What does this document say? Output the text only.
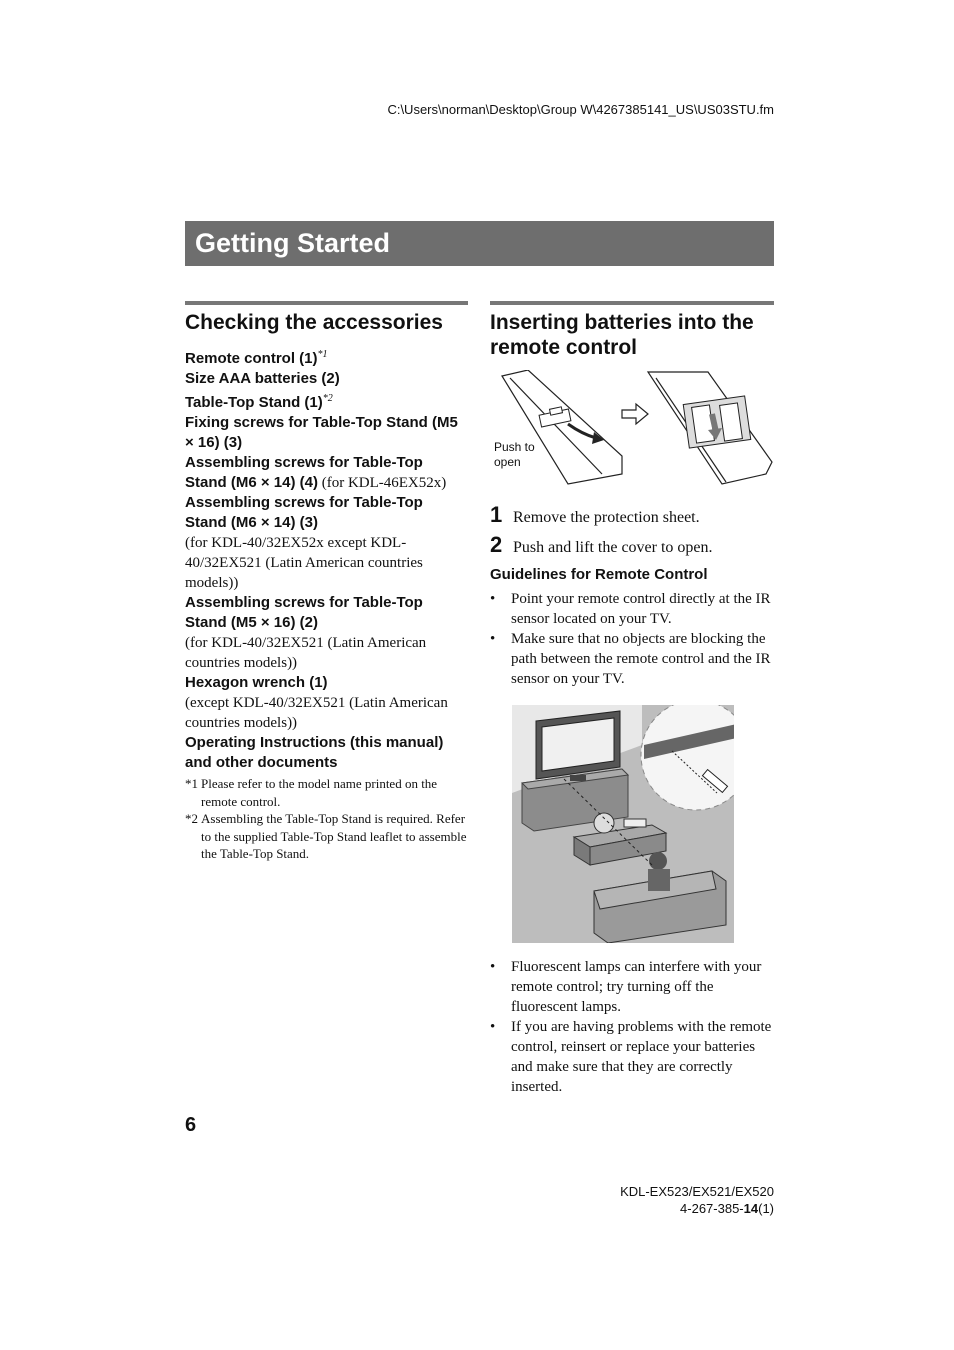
C:\Users\norman\Desktop\Group W\4267385141_US\US03STU.fm
Getting Started
Checking the accessories

Remote control $(1)^{*1}$

Size AAA batteries (2)

Table-Top Stand $(1)^{*2}$

Fixing screws for Table-Top Stand (M5 × 16) (3)

Assembling screws for Table-Top Stand (M6 × 14) (4) (for KDL-46EX52x)

Assembling screws for Table-Top Stand (M6 × 14) (3)

(for KDL-40/32EX52x except KDL-40/32EX521 (Latin American countries models))

Assembling screws for Table-Top Stand (M5 × 16) (2)

(for KDL-40/32EX521 (Latin American countries models))

Hexagon wrench (1)

(except KDL-40/32EX521 (Latin American countries models))

Operating Instructions (this manual) and other documents

*1 Please refer to the model name printed on the remote control.
*2 Assembling the Table-Top Stand is required. Refer to the supplied Table-Top Stand leaflet to assemble the Table-Top Stand.
Inserting batteries into the remote control
Push to
open
1 Remove the protection sheet.
2 Push and lift the cover to open.
Guidelines for Remote Control
• Point your remote control directly at the IR sensor located on your TV.
• Make sure that no objects are blocking the path between the remote control and the IR sensor on your TV.
• Fluorescent lamps can interfere with your remote control; try turning off the fluorescent lamps.
• If you are having problems with the remote control, reinsert or replace your batteries and make sure that they are correctly inserted.
6
KDL-EX523/EX521/EX520
4-267-385-14(1)
